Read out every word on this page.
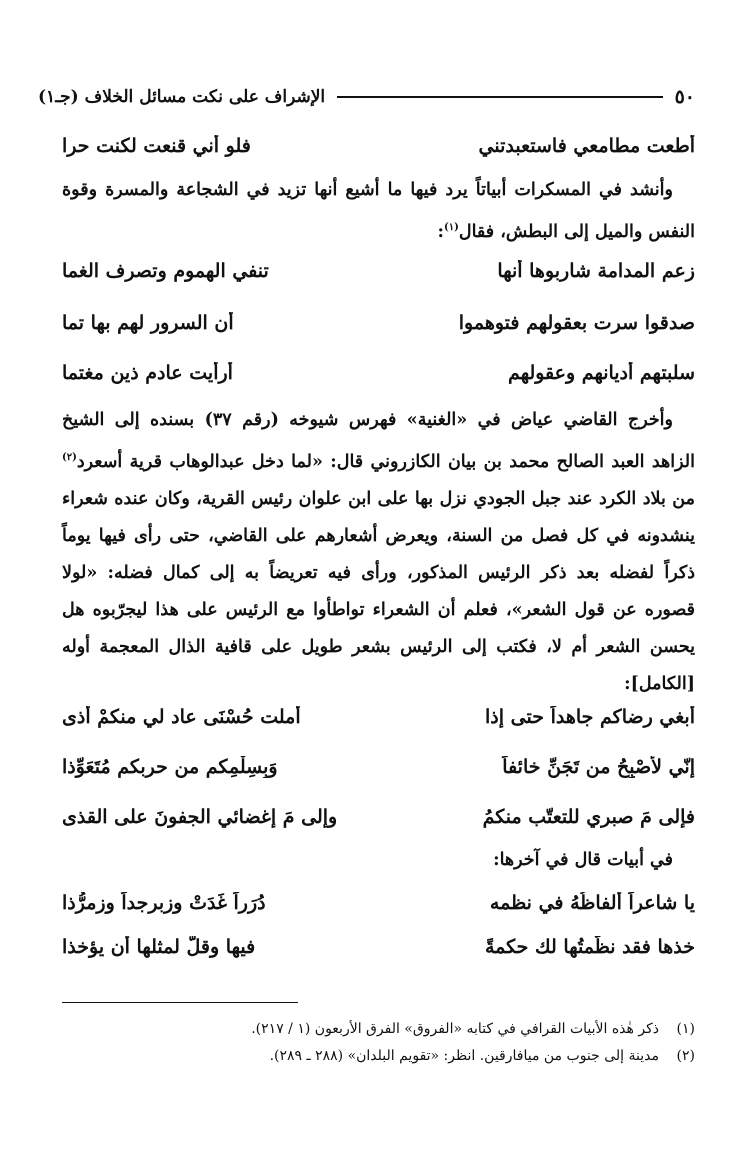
٥٠
الإشراف على نكت مسائل الخلاف (جـ١)
أطعت مطامعي فاستعبدتني
فلو أني قنعت لكنت حرا
وأنشد في المسكرات أبياتاً يرد فيها ما أشيع أنها تزيد في الشجاعة والمسرة وقوة النفس والميل إلى البطش، فقال$^{(١)}$:
زعم المدامة شاربوها أنها
تنفي الهموم وتصرف الغما
صدقوا سرت بعقولهم فتوهموا
أن السرور لهم بها تما
سلبتهم أديانهم وعقولهم
أرأيت عادم ذين مغتما
وأخرج القاضي عياض في «الغنية» فهرس شيوخه (رقم ٣٧) بسنده إلى الشيخ الزاهد العبد الصالح محمد بن بيان الكازروني قال: «لما دخل عبدالوهاب قرية أسعرد$^{(٢)}$ من بلاد الكرد عند جبل الجودي نزل بها على ابن علوان رئيس القرية، وكان عنده شعراء ينشدونه في كل فصل من السنة، ويعرض أشعارهم على القاضي، حتى رأى فيها يوماً ذكراً لفضله بعد ذكر الرئيس المذكور، ورأى فيه تعريضاً به إلى كمال فضله: «لولا قصوره عن قول الشعر»، فعلم أن الشعراء تواطأوا مع الرئيس على هذا ليجرّبوه هل يحسن الشعر أم لا، فكتب إلى الرئيس بشعر طويل على قافية الذال المعجمة أوله [الكامل]:
أبغي رضاكم جاهداً حتى إذا
أملت حُسْنَى عاد لي منكمْ أذى
إنّي لأُصْبِحُ من تَجَنِّ خائفاً
وَبِسِلْمِكم من حربكم مُتَعَوِّذا
فإلى مَ صبري للتعتّب منكمُ
وإلى مَ إغضائي الجفونَ على القذى
في أبيات قال في آخرها:
يا شاعراً ألفاظُهُ في نظمه
دُرَراً غَدَتْ وزبرجداً وزمرُّذا
خذها فقد نظّمتُها لك حكمةً
فيها وقلَّ لمثلها أن يؤخذا
(١)
ذكر هٰذه الأبيات القرافي في كتابه «الفروق» الفرق الأربعون (١ / ٢١٧).
(٢)
مدينة إلى جنوب من ميافارقين. انظر: «تقويم البلدان» (٢٨٨ ـ ٢٨٩).
